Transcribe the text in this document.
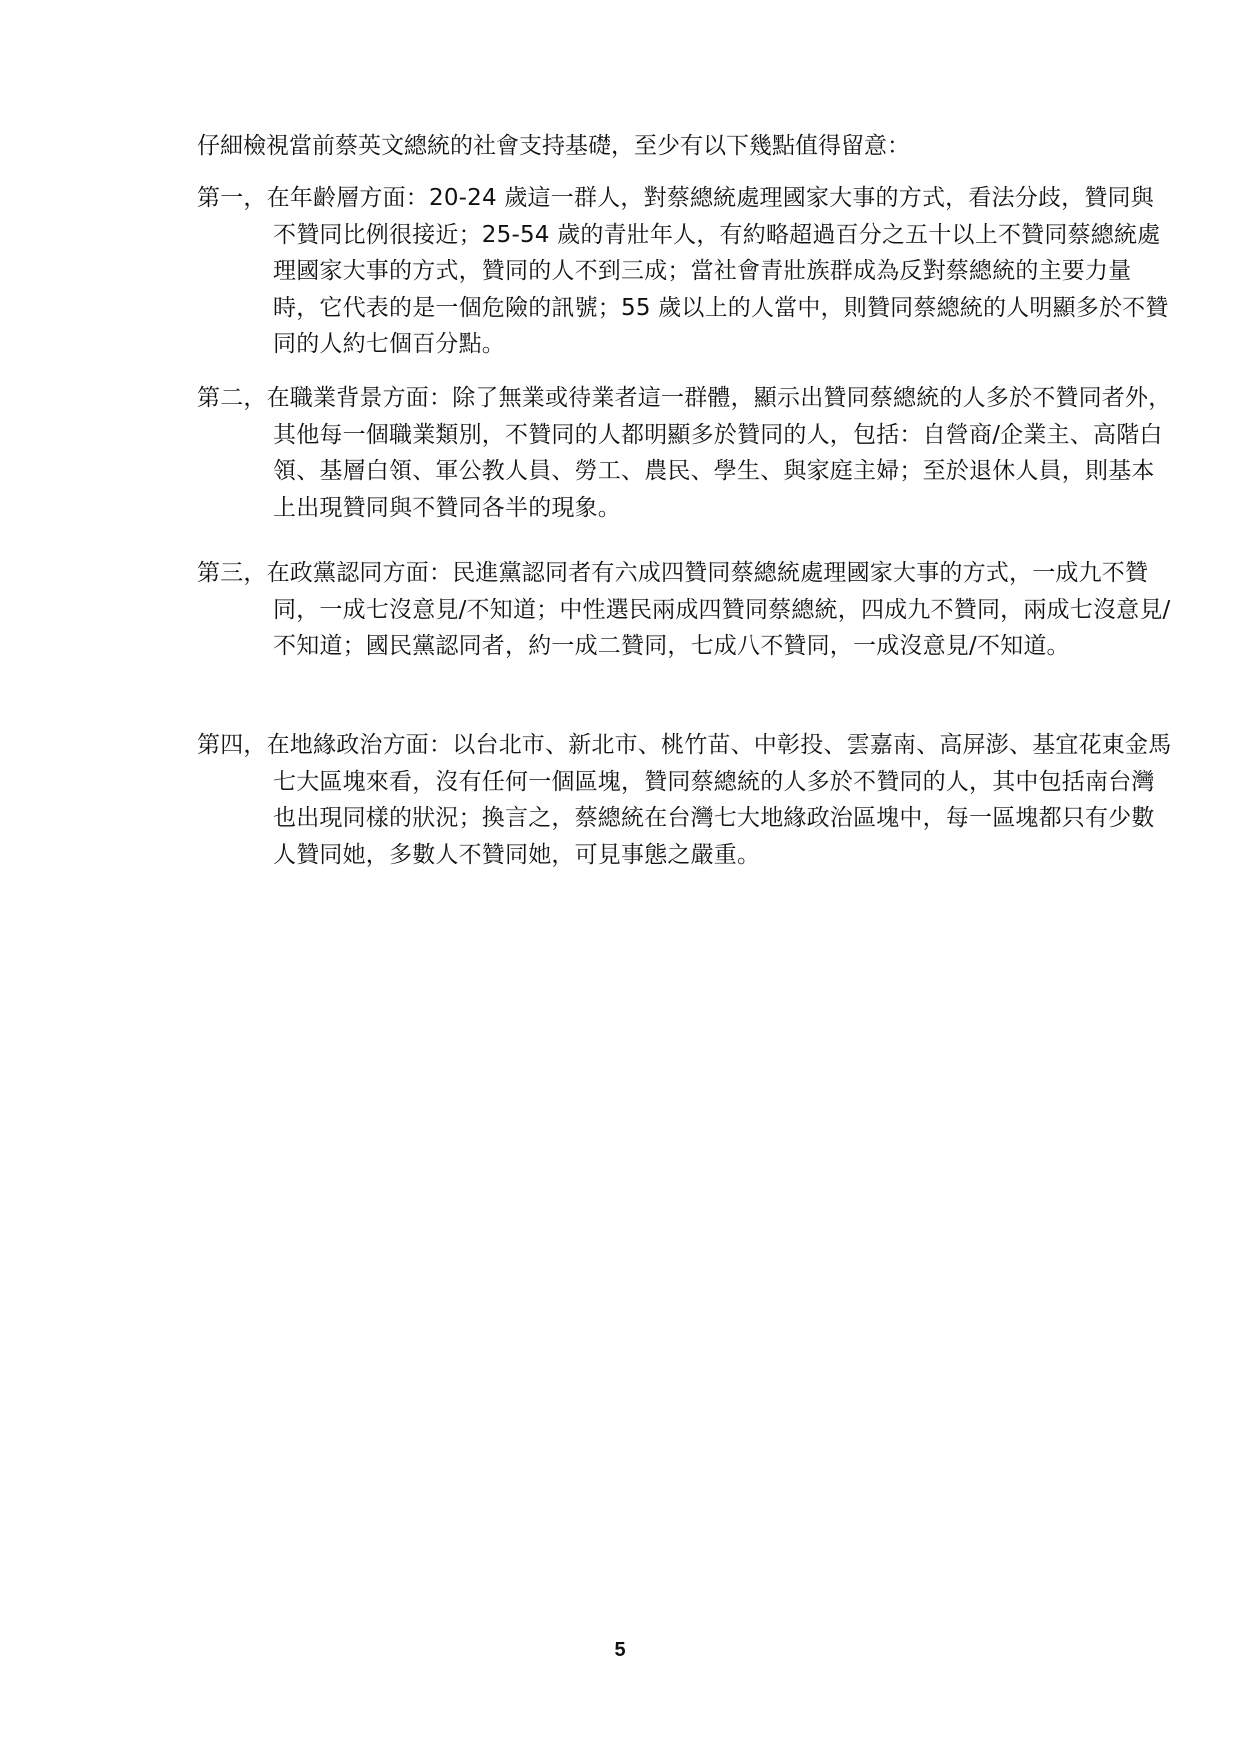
仔細檢視當前蔡英文總統的社會支持基礎，至少有以下幾點值得留意：
第一，在年齡層方面：20-24 歲這一群人，對蔡總統處理國家大事的方式，看法分歧，贊同與不贊同比例很接近；25-54 歲的青壯年人，有約略超過百分之五十以上不贊同蔡總統處理國家大事的方式，贊同的人不到三成；當社會青壯族群成為反對蔡總統的主要力量時，它代表的是一個危險的訊號；55 歲以上的人當中，則贊同蔡總統的人明顯多於不贊同的人約七個百分點。
第二，在職業背景方面：除了無業或待業者這一群體，顯示出贊同蔡總統的人多於不贊同者外，其他每一個職業類別，不贊同的人都明顯多於贊同的人，包括：自營商/企業主、高階白領、基層白領、軍公教人員、勞工、農民、學生、與家庭主婦；至於退休人員，則基本上出現贊同與不贊同各半的現象。
第三，在政黨認同方面：民進黨認同者有六成四贊同蔡總統處理國家大事的方式，一成九不贊同，一成七沒意見/不知道；中性選民兩成四贊同蔡總統，四成九不贊同，兩成七沒意見/不知道；國民黨認同者，約一成二贊同，七成八不贊同，一成沒意見/不知道。
第四，在地緣政治方面：以台北市、新北市、桃竹苗、中彰投、雲嘉南、高屏澎、基宜花東金馬七大區塊來看，沒有任何一個區塊，贊同蔡總統的人多於不贊同的人，其中包括南台灣也出現同樣的狀況；換言之，蔡總統在台灣七大地緣政治區塊中，每一區塊都只有少數人贊同她，多數人不贊同她，可見事態之嚴重。
5
